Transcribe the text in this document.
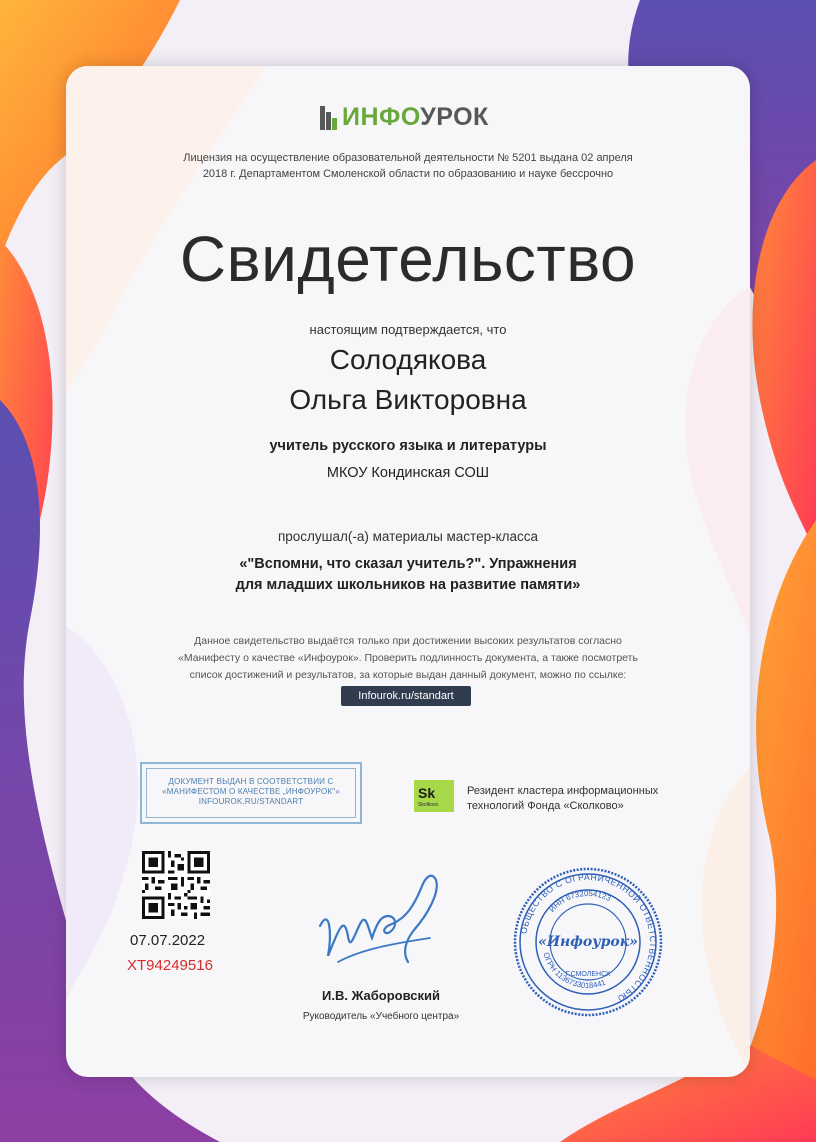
ИНФОУРОК
Лицензия на осуществление образовательной деятельности № 5201 выдана 02 апреля
2018 г. Департаментом Смоленской области по образованию и науке бессрочно
Свидетельство
настоящим подтверждается, что
Солодякова
Ольга Викторовна
учитель русского языка и литературы
МКОУ Кондинская СОШ
прослушал(-а) материалы мастер-класса
«"Вспомни, что сказал учитель?". Упражнения
для младших школьников на развитие памяти»
Данное свидетельство выдаётся только при достижении высоких результатов согласно
«Манифесту о качестве «Инфоурок». Проверить подлинность документа, а также посмотреть
список достижений и результатов, за которые выдан данный документ, можно по ссылке:
Infourok.ru/standart
ДОКУМЕНТ ВЫДАН В СООТВЕТСТВИИ С
«МАНИФЕСТОМ О КАЧЕСТВЕ „ИНФОУРОК"»
INFOUROK.RU/STANDART
Sk
Skolkovo
Резидент кластера информационных
технологий Фонда «Сколково»
07.07.2022
ХТ94249516
И.В. Жаборовский
Руководитель «Учебного центра»
ОБЩЕСТВО С ОГРАНИЧЕННОЙ ОТВЕТСТВЕННОСТЬЮ
ИНН 6732054123
ОГРН 1136733018441
«Инфоурок»
Г.СМОЛЕНСК
